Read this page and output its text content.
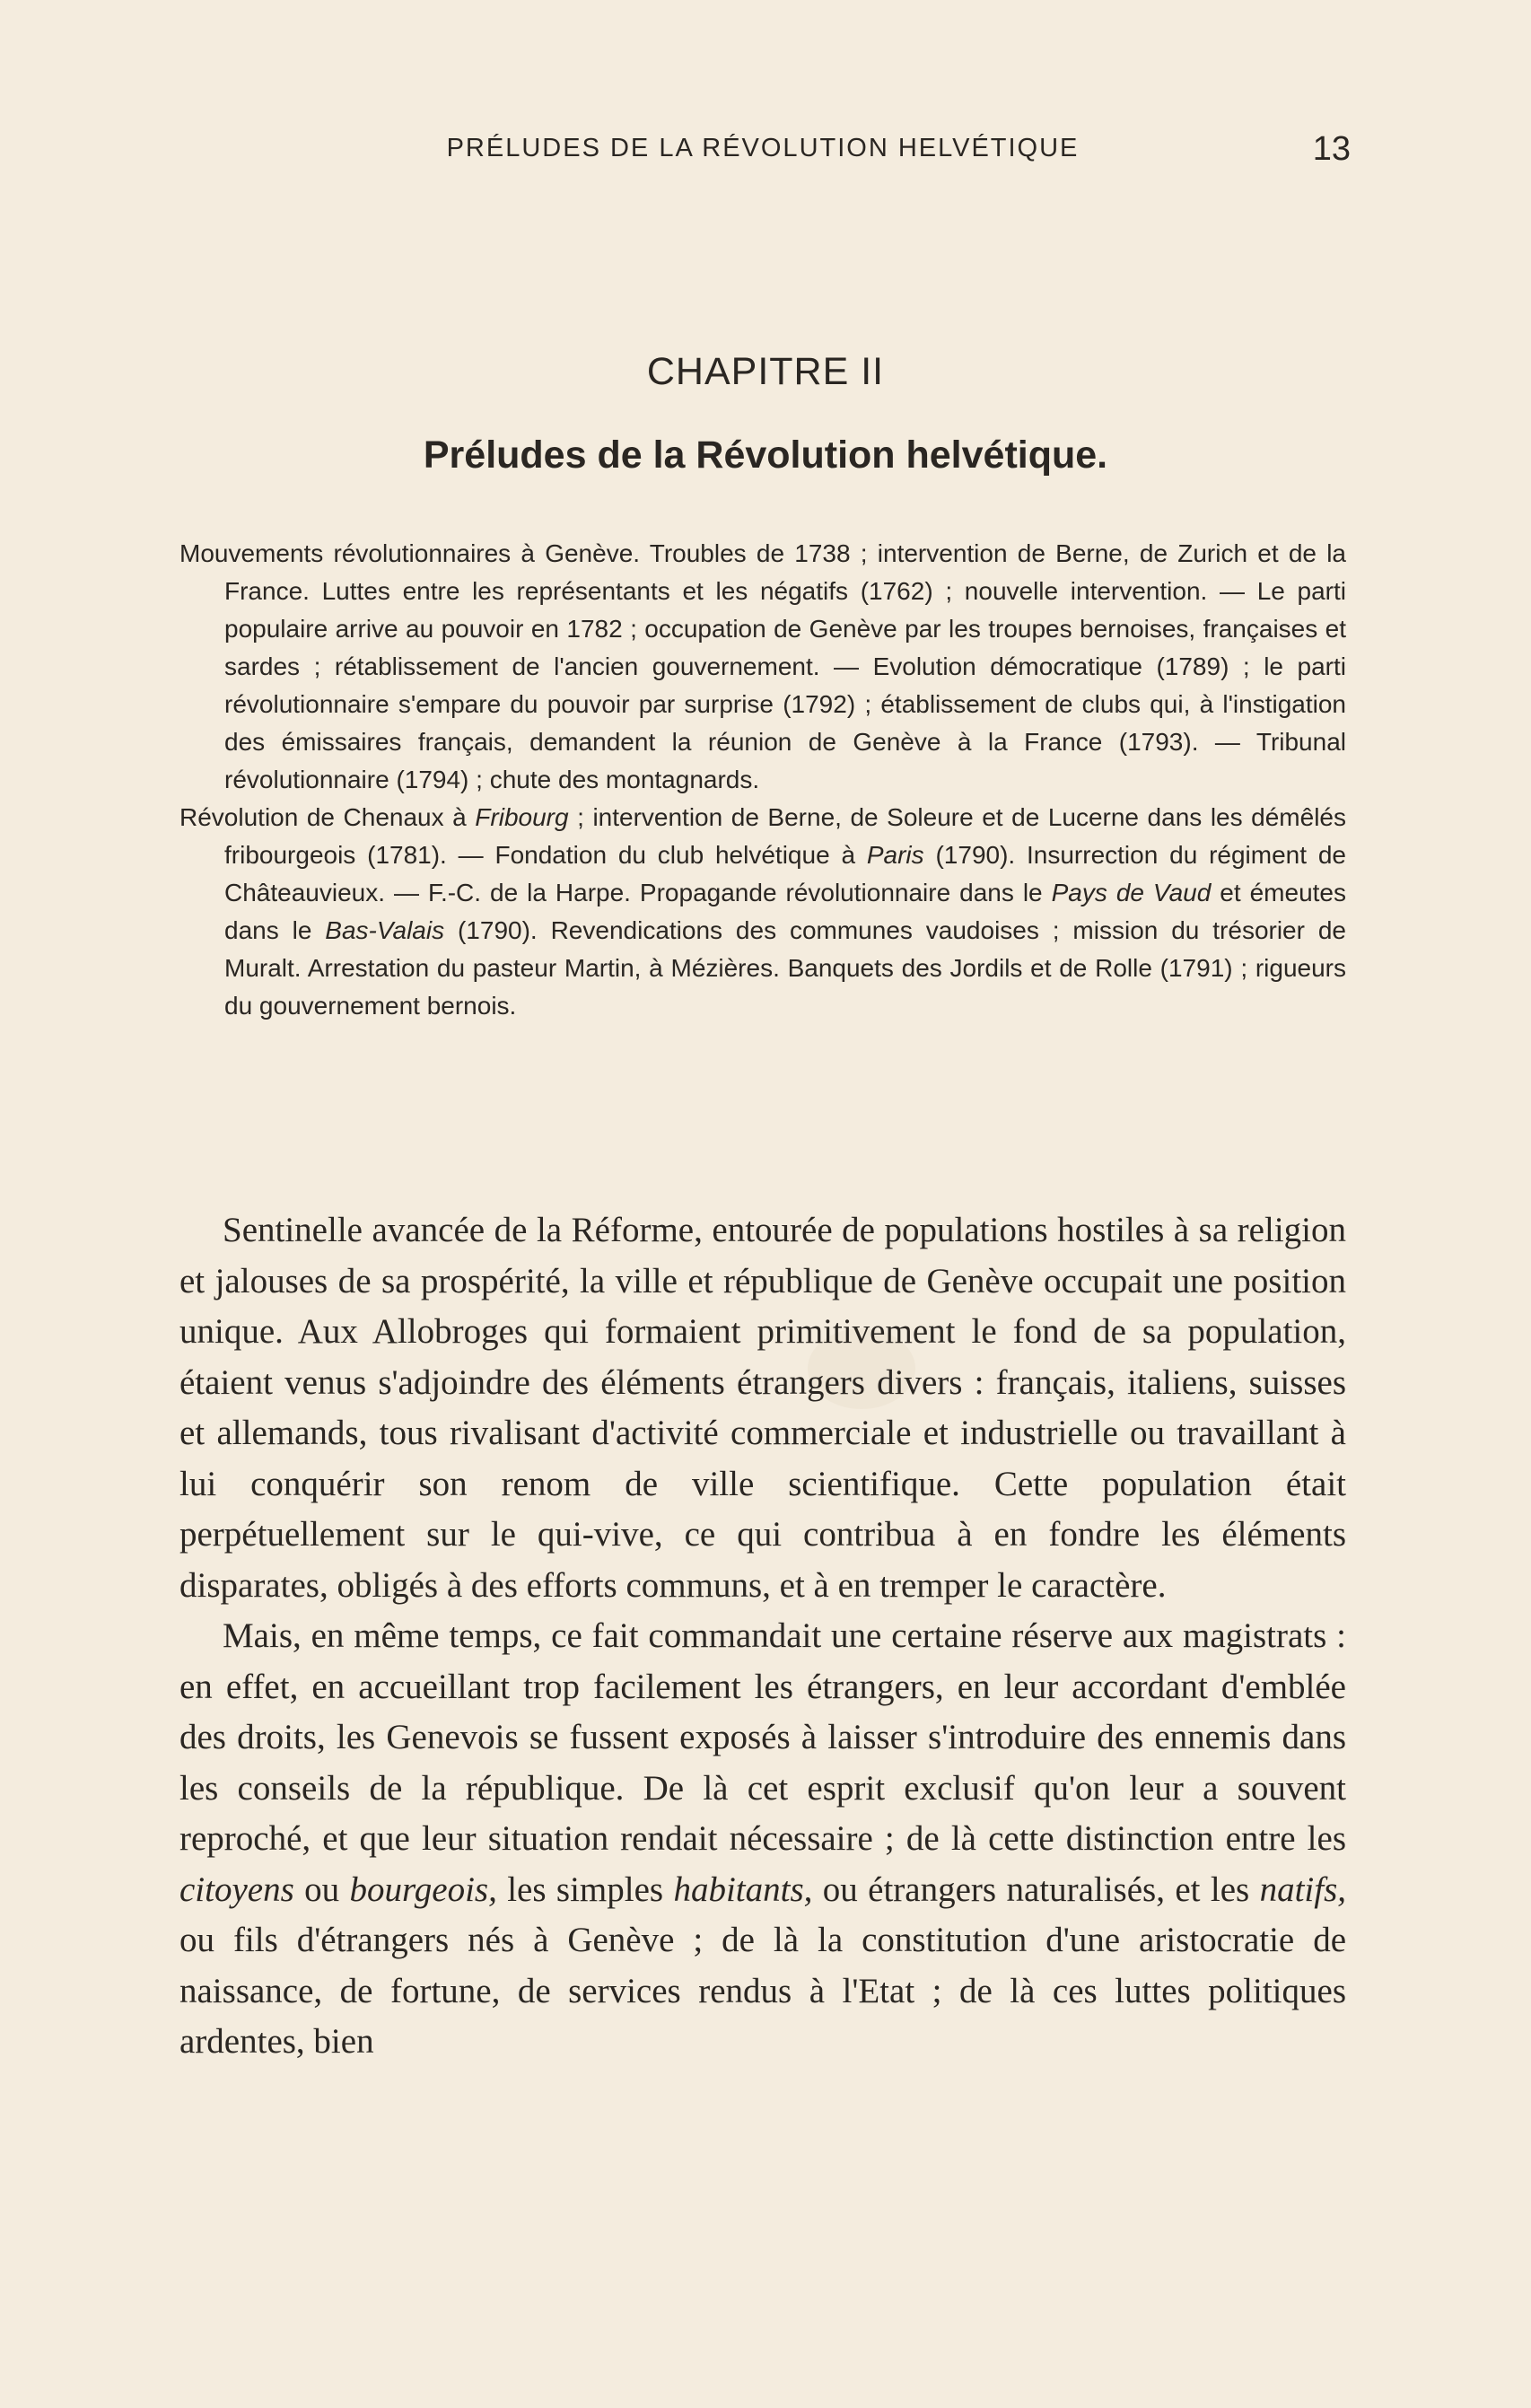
PRÉLUDES DE LA RÉVOLUTION HELVÉTIQUE	13
CHAPITRE II
Préludes de la Révolution helvétique.

Mouvements révolutionnaires à Genève. Troubles de 1738 ; intervention de Berne, de Zurich et de la France. Luttes entre les représentants et les négatifs (1762) ; nouvelle intervention. — Le parti populaire arrive au pouvoir en 1782 ; occupation de Genève par les troupes bernoises, françaises et sardes ; rétablissement de l'ancien gouvernement. — Evolution démocratique (1789) ; le parti révolutionnaire s'empare du pouvoir par surprise (1792) ; établissement de clubs qui, à l'instigation des émissaires français, demandent la réunion de Genève à la France (1793). — Tribunal révolutionnaire (1794) ; chute des montagnards.

Révolution de Chenaux à Fribourg ; intervention de Berne, de Soleure et de Lucerne dans les démêlés fribourgeois (1781). — Fondation du club helvétique à Paris (1790). Insurrection du régiment de Châteauvieux. — F.-C. de la Harpe. Propagande révolutionnaire dans le Pays de Vaud et émeutes dans le Bas-Valais (1790). Revendications des communes vaudoises ; mission du trésorier de Muralt. Arrestation du pasteur Martin, à Mézières. Banquets des Jordils et de Rolle (1791) ; rigueurs du gouvernement bernois.

Sentinelle avancée de la Réforme, entourée de populations hostiles à sa religion et jalouses de sa prospérité, la ville et république de Genève occupait une position unique. Aux Allobroges qui formaient primitivement le fond de sa population, étaient venus s'adjoindre des éléments étrangers divers : français, italiens, suisses et allemands, tous rivalisant d'activité commerciale et industrielle ou travaillant à lui conquérir son renom de ville scientifique. Cette population était perpétuellement sur le qui-vive, ce qui contribua à en fondre les éléments disparates, obligés à des efforts communs, et à en tremper le caractère.

Mais, en même temps, ce fait commandait une certaine réserve aux magistrats : en effet, en accueillant trop facilement les étrangers, en leur accordant d'emblée des droits, les Genevois se fussent exposés à laisser s'introduire des ennemis dans les conseils de la république. De là cet esprit exclusif qu'on leur a souvent reproché, et que leur situation rendait nécessaire ; de là cette distinction entre les citoyens ou bourgeois, les simples habitants, ou étrangers naturalisés, et les natifs, ou fils d'étrangers nés à Genève ; de là la constitution d'une aristocratie de naissance, de fortune, de services rendus à l'Etat ; de là ces luttes politiques ardentes, bien
